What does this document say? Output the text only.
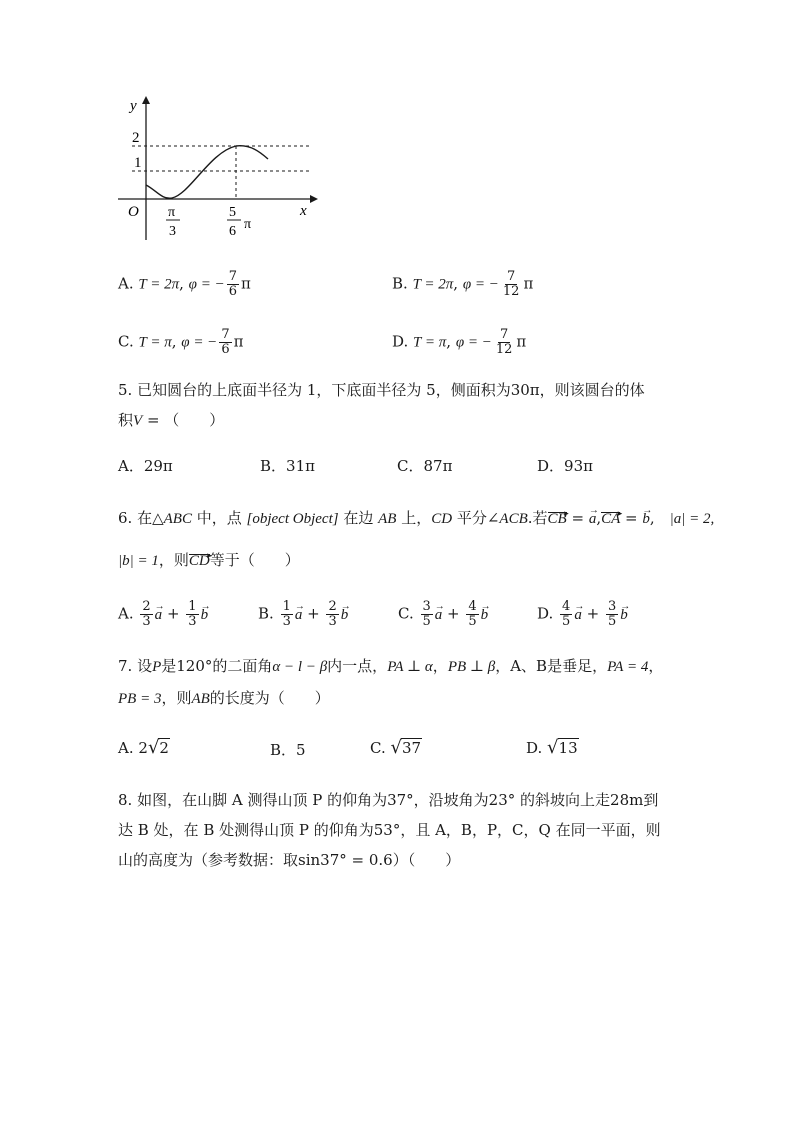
y
x
O
2
1
π
3
5
6 π
A. T = 2π, φ = − $\frac{7}{6}$ π	B. T = 2π, φ = − $\frac{7}{12}$ π
C. T = π, φ = − $\frac{7}{6}$ π	D. T = π, φ = − $\frac{7}{12}$ π
5. 已知圆台的上底面半径为 1，下底面半径为 5，侧面积为30π，则该圆台的体
积V = （　　）
A．29π	B．31π	C．87π	D．93π
6. 在△ABC 中，点 [object Object] 在边 AB 上，CD 平分∠ACB.若CB ▸ = → a,CA ▸ = → b,　|a| = 2,
|b| = 1，则CD ▸等于（　　）
A. $\frac{2}{3}$
→ $a + \frac{1}{3}$
→ b	B. $\frac{1}{3}$
→ $a + \frac{2}{3}$
→ b	C. $\frac{3}{5}$
→ $a + \frac{4}{5}$
→ b	D. $\frac{4}{5}$
→ $a + \frac{3}{5}$
→ b
7. 设P是120°的二面角α − l − β内一点，PA ⊥ α，PB ⊥ β，A、B是垂足，PA = 4，
PB = 3，则AB的长度为（　　）
A. 2√2	B．5	C. √37	D. √13
8. 如图，在山脚 A 测得山顶 P 的仰角为37°，沿坡角为23° 的斜坡向上走28m到
达 B 处，在 B 处测得山顶 P 的仰角为53°，且 A，B，P，C，Q 在同一平面，则
山的高度为（参考数据：取sin37° = 0.6）（　　）
